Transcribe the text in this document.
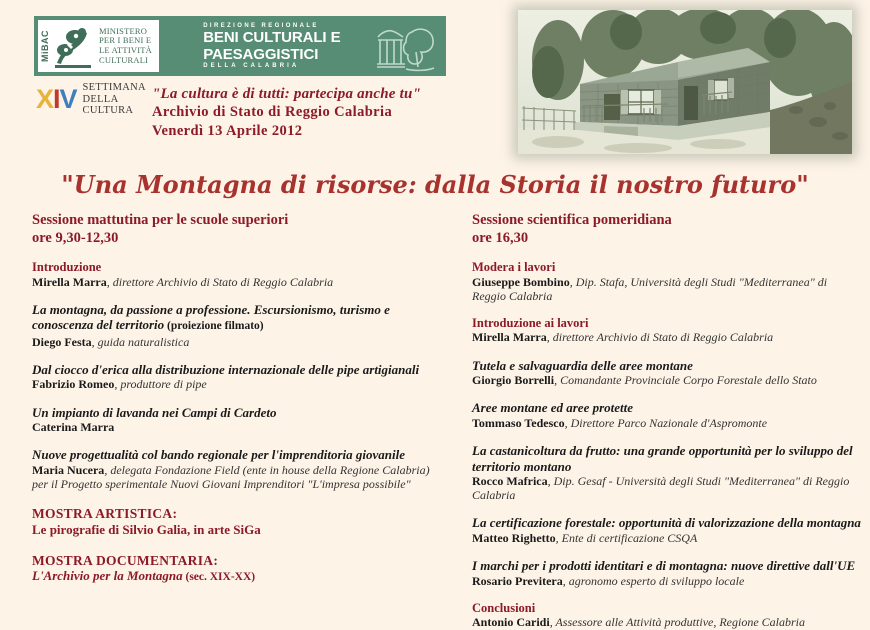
MiBAC	MINISTERO
PER I BENI E
LE ATTIVITÀ
CULTURALI
DIREZIONE REGIONALE
BENI CULTURALI E PAESAGGISTICI
DELLA CALABRIA
XIV SETTIMANA
DELLA
CULTURA
"La cultura è di tutti: partecipa anche tu"
Archivio di Stato di Reggio Calabria
Venerdì 13 Aprile 2012
"Una Montagna di risorse: dalla Storia il nostro futuro"
Sessione mattutina per le scuole superiori
ore 9,30-12,30
Introduzione
Mirella Marra, direttore Archivio di Stato di Reggio Calabria
La montagna, da passione a professione. Escursionismo, turismo e conoscenza del territorio (proiezione filmato)
Diego Festa, guida naturalistica
Dal ciocco d'erica alla distribuzione internazionale delle pipe artigianali
Fabrizio Romeo, produttore di pipe
Un impianto di lavanda nei Campi di Cardeto
Caterina Marra
Nuove progettualità col bando regionale per l'imprenditoria giovanile
Maria Nucera, delegata Fondazione Field (ente in house della Regione Calabria) per il Progetto sperimentale Nuovi Giovani Imprenditori "L'impresa possibile"
MOSTRA ARTISTICA:
Le pirografie di Silvio Galia, in arte SiGa
MOSTRA DOCUMENTARIA:
L'Archivio per la Montagna (sec. XIX-XX)
Sessione scientifica pomeridiana
ore 16,30
Modera i lavori
Giuseppe Bombino, Dip. Stafa, Università degli Studi "Mediterranea" di Reggio Calabria
Introduzione ai lavori
Mirella Marra, direttore Archivio di Stato di Reggio Calabria
Tutela e salvaguardia delle aree montane
Giorgio Borrelli, Comandante Provinciale Corpo Forestale dello Stato
Aree montane ed aree protette
Tommaso Tedesco, Direttore Parco Nazionale d'Aspromonte
La castanicoltura da frutto: una grande opportunità per lo sviluppo del territorio montano
Rocco Mafrica, Dip. Gesaf - Università degli Studi "Mediterranea" di Reggio Calabria
La certificazione forestale: opportunità di valorizzazione della montagna
Matteo Righetto, Ente di certificazione CSQA
I marchi per i prodotti identitari e di montagna: nuove direttive dall'UE
Rosario Previtera, agronomo esperto di sviluppo locale
Conclusioni
Antonio Caridi, Assessore alle Attività produttive, Regione Calabria
